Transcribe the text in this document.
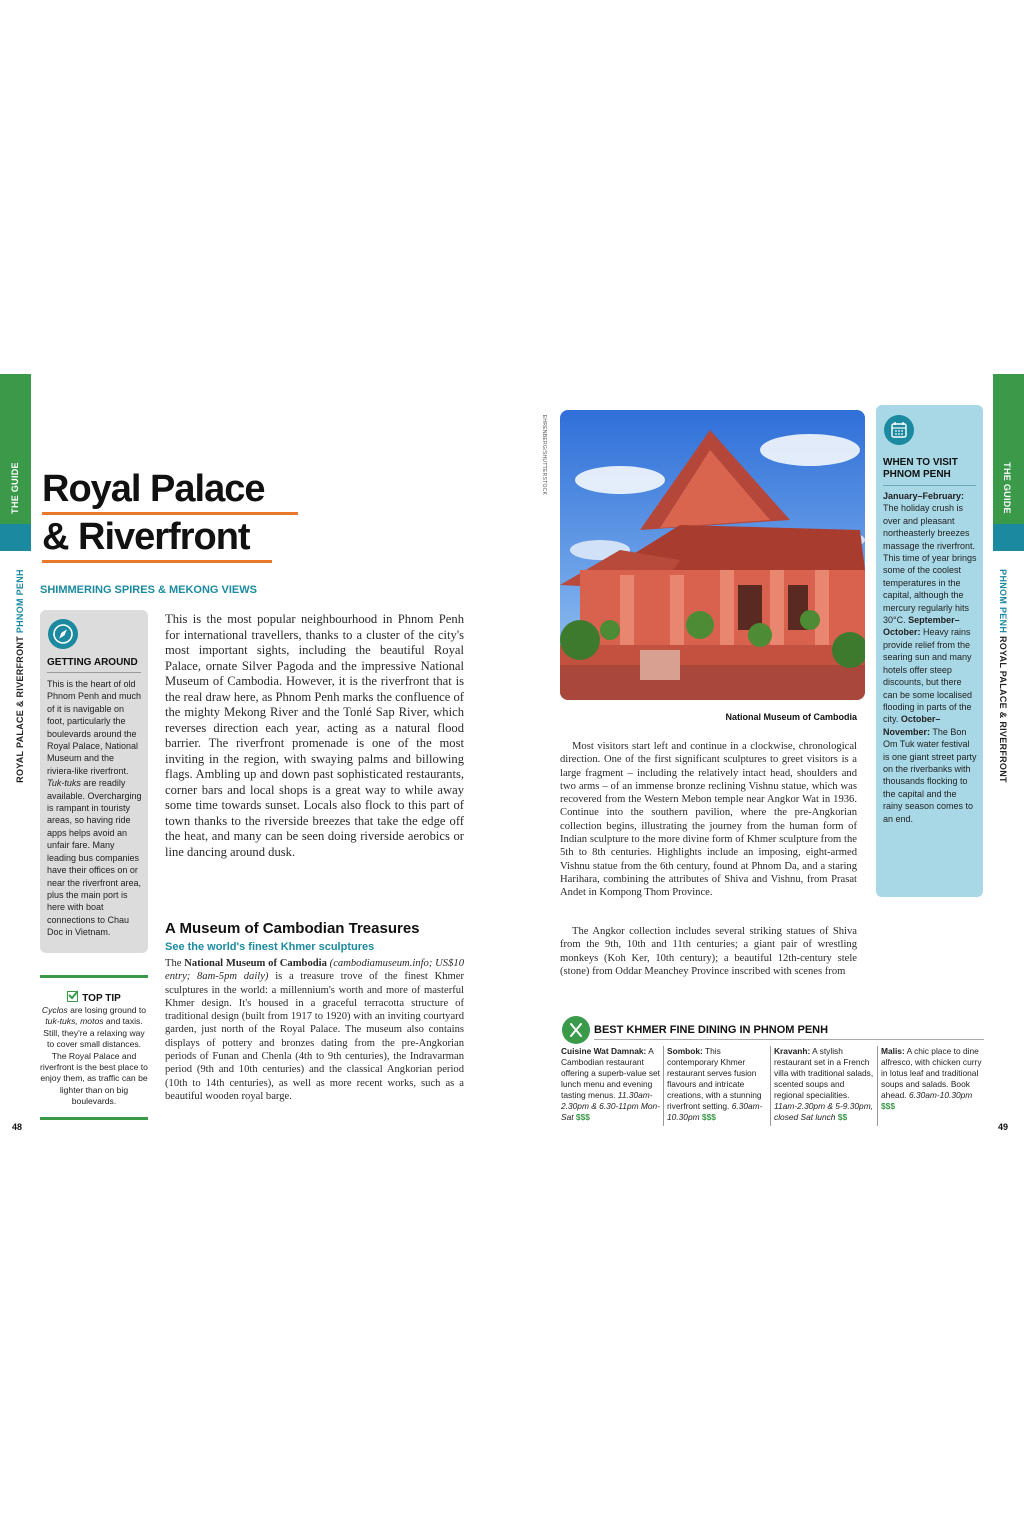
THE GUIDE
ROYAL PALACE & RIVERFRONT PHNOM PENH
THE GUIDE
PHNOM PENH ROYAL PALACE & RIVERFRONT
Royal Palace
& Riverfront
SHIMMERING SPIRES & MEKONG VIEWS
GETTING AROUND
This is the heart of old Phnom Penh and much of it is navigable on foot, particularly the boulevards around the Royal Palace, National Museum and the riviera-like riverfront. Tuk-tuks are readily available. Overcharging is rampant in touristy areas, so having ride apps helps avoid an unfair fare. Many leading bus companies have their offices on or near the riverfront area, plus the main port is here with boat connections to Chau Doc in Vietnam.
TOP TIP
Cyclos are losing ground to tuk-tuks, motos and taxis. Still, they're a relaxing way to cover small distances. The Royal Palace and riverfront is the best place to enjoy them, as traffic can be lighter than on big boulevards.
This is the most popular neighbourhood in Phnom Penh for international travellers, thanks to a cluster of the city's most important sights, including the beautiful Royal Palace, ornate Silver Pagoda and the impressive National Museum of Cambodia. However, it is the riverfront that is the real draw here, as Phnom Penh marks the confluence of the mighty Mekong River and the Tonlé Sap River, which reverses direction each year, acting as a natural flood barrier. The riverfront promenade is one of the most inviting in the region, with swaying palms and billowing flags. Ambling up and down past sophisticated restaurants, corner bars and local shops is a great way to while away some time towards sunset. Locals also flock to this part of town thanks to the riverside breezes that take the edge off the heat, and many can be seen doing riverside aerobics or line dancing around dusk.
A Museum of Cambodian Treasures
See the world's finest Khmer sculptures
The National Museum of Cambodia (cambodiamuseum.info; US$10 entry; 8am-5pm daily) is a treasure trove of the finest Khmer sculptures in the world: a millennium's worth and more of masterful Khmer design. It's housed in a graceful terracotta structure of traditional design (built from 1917 to 1920) with an inviting courtyard garden, just north of the Royal Palace. The museum also contains displays of pottery and bronzes dating from the pre-Angkorian periods of Funan and Chenla (4th to 9th centuries), the Indravarman period (9th and 10th centuries) and the classical Angkorian period (10th to 14th centuries), as well as more recent works, such as a beautiful wooden royal barge.
EHRENBERG/SHUTTERSTOCK
National Museum of Cambodia
Most visitors start left and continue in a clockwise, chronological direction. One of the first significant sculptures to greet visitors is a large fragment – including the relatively intact head, shoulders and two arms – of an immense bronze reclining Vishnu statue, which was recovered from the Western Mebon temple near Angkor Wat in 1936. Continue into the southern pavilion, where the pre-Angkorian collection begins, illustrating the journey from the human form of Indian sculpture to the more divine form of Khmer sculpture from the 5th to 8th centuries. Highlights include an imposing, eight-armed Vishnu statue from the 6th century, found at Phnom Da, and a staring Harihara, combining the attributes of Shiva and Vishnu, from Prasat Andet in Kompong Thom Province.
The Angkor collection includes several striking statues of Shiva from the 9th, 10th and 11th centuries; a giant pair of wrestling monkeys (Koh Ker, 10th century); a beautiful 12th-century stele (stone) from Oddar Meanchey Province inscribed with scenes from
WHEN TO VISIT
PHNOM PENH
January–February: The holiday crush is over and pleasant northeasterly breezes massage the riverfront. This time of year brings some of the coolest temperatures in the capital, although the mercury regularly hits 30°C. September–October: Heavy rains provide relief from the searing sun and many hotels offer steep discounts, but there can be some localised flooding in parts of the city. October–November: The Bon Om Tuk water festival is one giant street party on the riverbanks with thousands flocking to the capital and the rainy season comes to an end.
BEST KHMER FINE DINING IN PHNOM PENH
Cuisine Wat Damnak: A Cambodian restaurant offering a superb-value set lunch menu and evening tasting menus. 11.30am-2.30pm & 6.30-11pm Mon-Sat $$$
Sombok: This contemporary Khmer restaurant serves fusion flavours and intricate creations, with a stunning riverfront setting. 6.30am-10.30pm $$$
Kravanh: A stylish restaurant set in a French villa with traditional salads, scented soups and regional specialities. 11am-2.30pm & 5-9.30pm, closed Sat lunch $$
Malis: A chic place to dine alfresco, with chicken curry in lotus leaf and traditional soups and salads. Book ahead. 6.30am-10.30pm $$$
48	49
